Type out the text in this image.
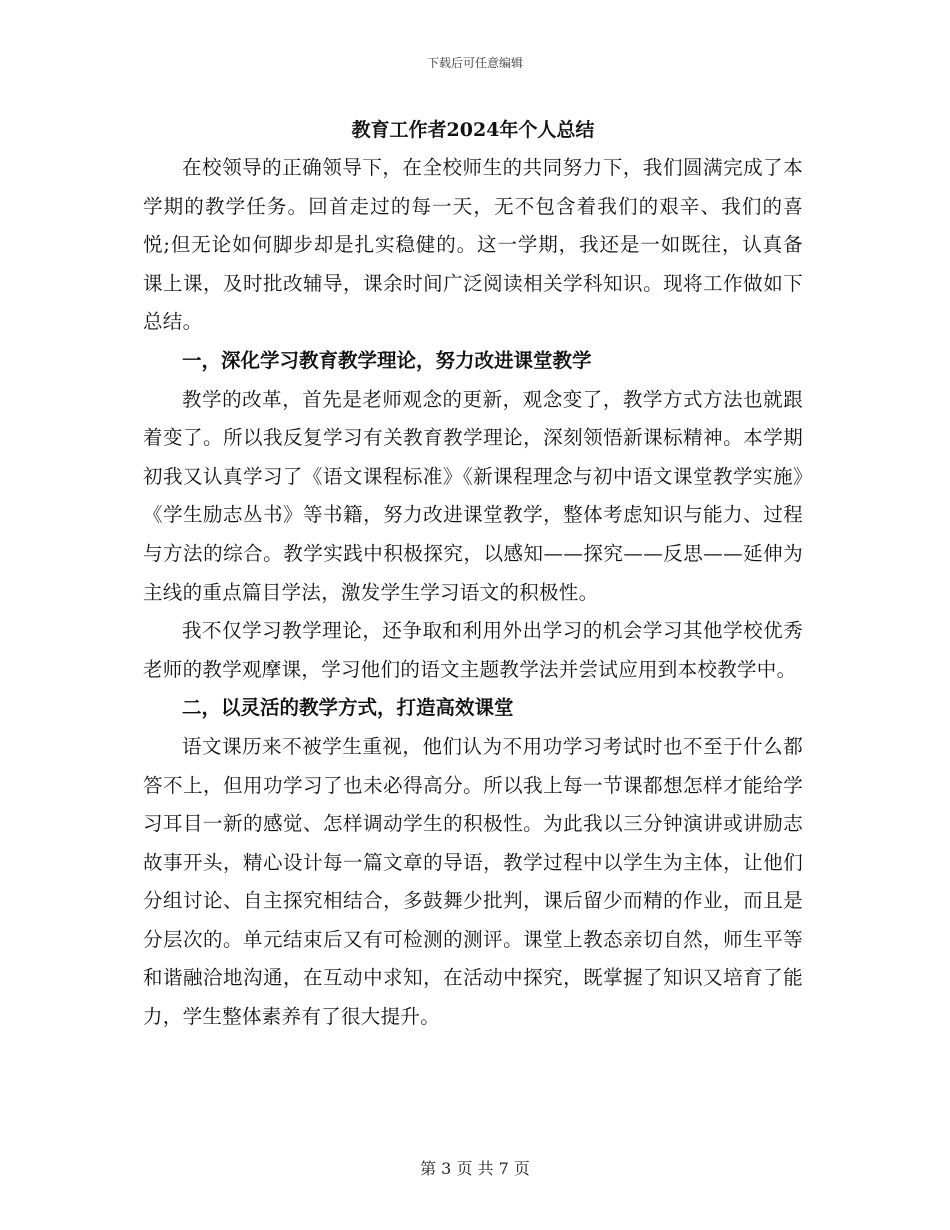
下载后可任意编辑
教育工作者2024年个人总结

在校领导的正确领导下，在全校师生的共同努力下，我们圆满完成了本学期的教学任务。回首走过的每一天，无不包含着我们的艰辛、我们的喜悦;但无论如何脚步却是扎实稳健的。这一学期，我还是一如既往，认真备课上课，及时批改辅导，课余时间广泛阅读相关学科知识。现将工作做如下总结。

一，深化学习教育教学理论，努力改进课堂教学

教学的改革，首先是老师观念的更新，观念变了，教学方式方法也就跟着变了。所以我反复学习有关教育教学理论，深刻领悟新课标精神。本学期初我又认真学习了《语文课程标准》《新课程理念与初中语文课堂教学实施》《学生励志丛书》等书籍，努力改进课堂教学，整体考虑知识与能力、过程与方法的综合。教学实践中积极探究，以感知——探究——反思——延伸为主线的重点篇目学法，激发学生学习语文的积极性。

我不仅学习教学理论，还争取和利用外出学习的机会学习其他学校优秀老师的教学观摩课，学习他们的语文主题教学法并尝试应用到本校教学中。

二，以灵活的教学方式，打造高效课堂

语文课历来不被学生重视，他们认为不用功学习考试时也不至于什么都答不上，但用功学习了也未必得高分。所以我上每一节课都想怎样才能给学习耳目一新的感觉、怎样调动学生的积极性。为此我以三分钟演讲或讲励志故事开头，精心设计每一篇文章的导语，教学过程中以学生为主体，让他们分组讨论、自主探究相结合，多鼓舞少批判，课后留少而精的作业，而且是分层次的。单元结束后又有可检测的测评。课堂上教态亲切自然，师生平等和谐融洽地沟通，在互动中求知，在活动中探究，既掌握了知识又培育了能力，学生整体素养有了很大提升。

第 3 页 共 7 页
